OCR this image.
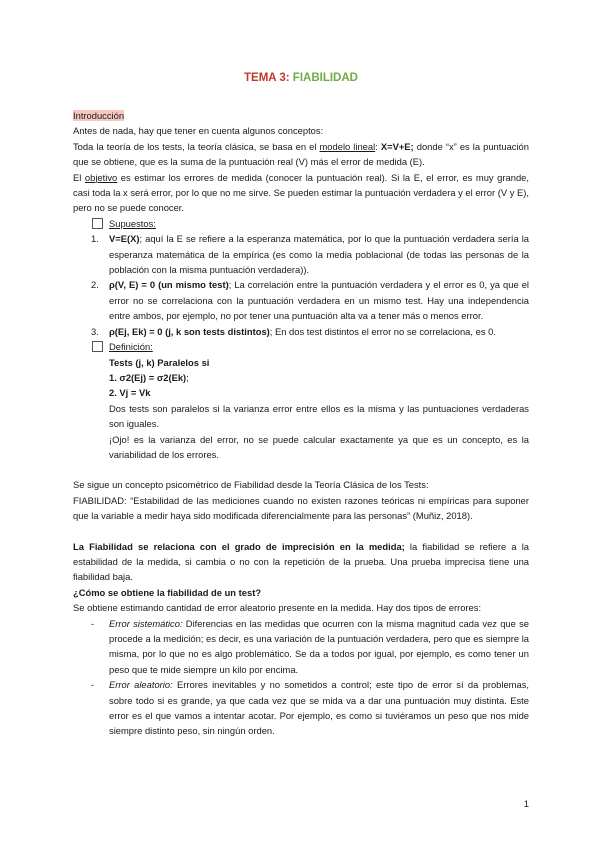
TEMA 3: FIABILIDAD

Introducción

Antes de nada, hay que tener en cuenta algunos conceptos:

Toda la teoría de los tests, la teoría clásica, se basa en el modelo lineal: X=V+E; donde “x” es la puntuación que se obtiene, que es la suma de la puntuación real (V) más el error de medida (E).

El objetivo es estimar los errores de medida (conocer la puntuación real). Si la E, el error, es muy grande, casi toda la x será error, por lo que no me sirve. Se pueden estimar la puntuación verdadera y el error (V y E), pero no se puede conocer.

Supuestos:
1. V=E(X); aquí la E se refiere a la esperanza matemática, por lo que la puntuación verdadera sería la esperanza matemática de la empírica (es como la media poblacional (de todas las personas de la población con la misma puntuación verdadera)).
2. ρ(V, E) = 0 (un mismo test); La correlación entre la puntuación verdadera y el error es 0, ya que el error no se correlaciona con la puntuación verdadera en un mismo test. Hay una independencia entre ambos, por ejemplo, no por tener una puntuación alta va a tener más o menos error.
3. ρ(Ej, Ek) = 0 (j, k son tests distintos); En dos test distintos el error no se correlaciona, es 0.
Definición:
Tests (j, k) Paralelos si
1. σ2(Ej) = σ2(Ek);
2. Vj = Vk

Dos tests son paralelos si la varianza error entre ellos es la misma y las puntuaciones verdaderas son iguales.

¡Ojo! es la varianza del error, no se puede calcular exactamente ya que es un concepto, es la variabilidad de los errores.

Se sigue un concepto psicométrico de Fiabilidad desde la Teoría Clásica de los Tests:

FIABILIDAD: “Estabilidad de las mediciones cuando no existen razones teóricas ni empíricas para suponer que la variable a medir haya sido modificada diferencialmente para las personas” (Muñiz, 2018).

La Fiabilidad se relaciona con el grado de imprecisión en la medida; la fiabilidad se refiere a la estabilidad de la medida, si cambia o no con la repetición de la prueba. Una prueba imprecisa tiene una fiabilidad baja.

¿Cómo se obtiene la fiabilidad de un test?

Se obtiene estimando cantidad de error aleatorio presente en la medida. Hay dos tipos de errores:

- Error sistemático: Diferencias en las medidas que ocurren con la misma magnitud cada vez que se procede a la medición; es decir, es una variación de la puntuación verdadera, pero que es siempre la misma, por lo que no es algo problemático. Se da a todos por igual, por ejemplo, es como tener un peso que te mide siempre un kilo por encima.
- Error aleatorio: Errores inevitables y no sometidos a control; este tipo de error sí da problemas, sobre todo si es grande, ya que cada vez que se mida va a dar una puntuación muy distinta. Este error es el que vamos a intentar acotar. Por ejemplo, es como si tuviéramos un peso que nos mide siempre distinto peso, sin ningún orden.
1
